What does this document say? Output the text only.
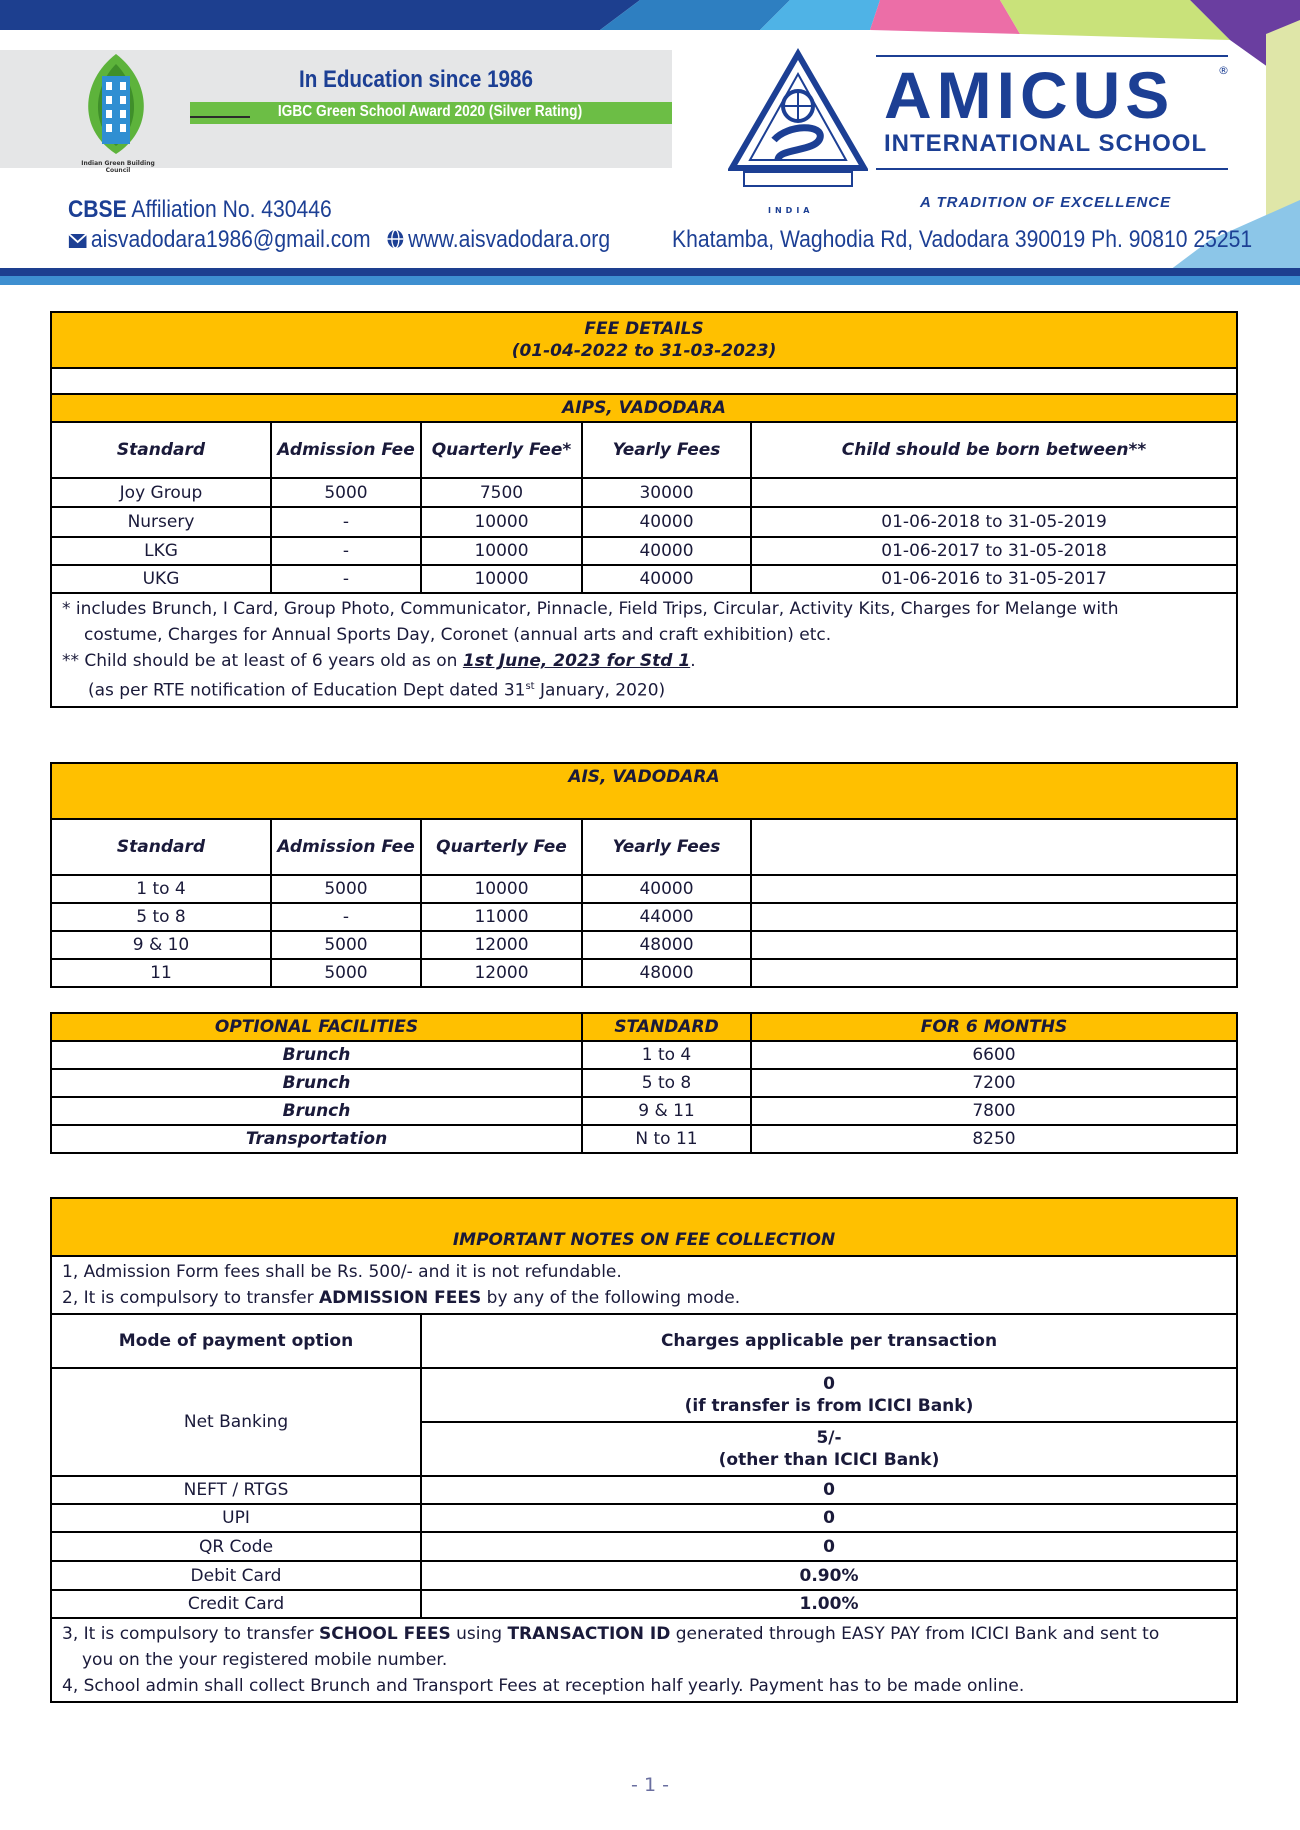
Indian Green Building Council
In Education since 1986
IGBC Green School Award 2020 (Silver Rating)
INDIA
AMICUS	®
INTERNATIONAL SCHOOL
A TRADITION OF EXCELLENCE
CBSE Affiliation No. 430446
aisvadodara1986@gmail.com www.aisvadodara.org	Khatamba, Waghodia Rd, Vadodara 390019 Ph. 90810 25251
FEE DETAILS
(01-04-2022 to 31-03-2023)				

AIPS, VADODARA				
Standard	Admission Fee	Quarterly Fee*	Yearly Fees	Child should be born between**
Joy Group	5000	7500	30000	
Nursery	-	10000	40000	01-06-2018 to 31-05-2019
LKG	-	10000	40000	01-06-2017 to 31-05-2018
UKG	-	10000	40000	01-06-2016 to 31-05-2017
* includes Brunch, I Card, Group Photo, Communicator, Pinnacle, Field Trips, Circular, Activity Kits, Charges for Melange with
costume, Charges for Annual Sports Day, Coronet (annual arts and craft exhibition) etc.
** Child should be at least of 6 years old as on 1st June, 2023 for Std 1.
(as per RTE notification of Education Dept dated 31st January, 2020)				
AIS, VADODARA				
Standard	Admission Fee	Quarterly Fee	Yearly Fees	
1 to 4	5000	10000	40000	
5 to 8	-	11000	44000	
9 & 10	5000	12000	48000	
11	5000	12000	48000	
OPTIONAL FACILITIES	STANDARD	FOR 6 MONTHS
Brunch	1 to 4	6600
Brunch	5 to 8	7200
Brunch	9 & 11	7800
Transportation	N to 11	8250
IMPORTANT NOTES ON FEE COLLECTION	

1, Admission Form fees shall be Rs. 500/- and it is not refundable.
2, It is compulsory to transfer ADMISSION FEES by any of the following mode.	

Mode of payment option	Charges applicable per transaction
Net Banking	0
(if transfer is from ICICI Bank)

	5/-
(other than ICICI Bank)

NEFT / RTGS	0
UPI	0
QR Code	0
Debit Card	0.90%
Credit Card	1.00%

3, It is compulsory to transfer SCHOOL FEES using TRANSACTION ID generated through EASY PAY from ICICI Bank and sent to
you on the your registered mobile number.
4, School admin shall collect Brunch and Transport Fees at reception half yearly. Payment has to be made online.	
- 1 -
